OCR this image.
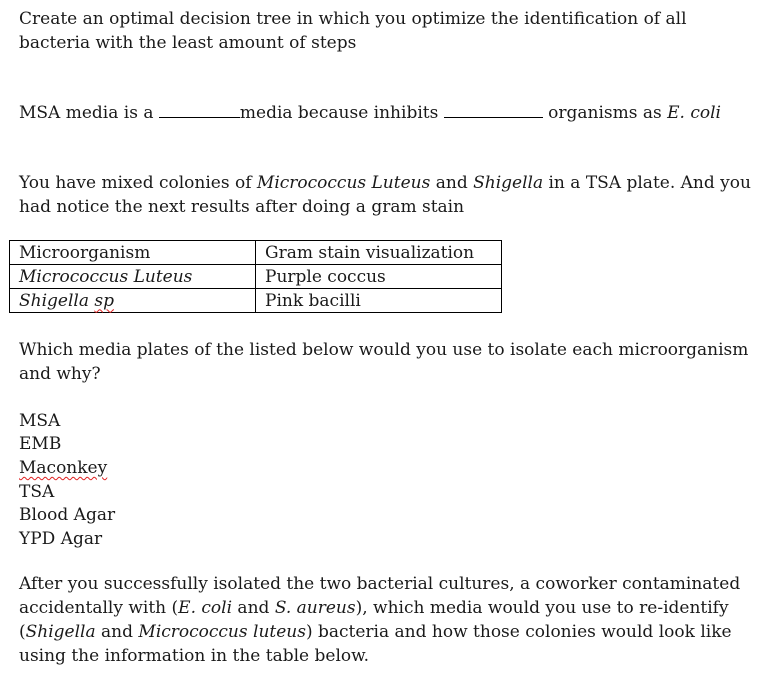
Create an optimal decision tree in which you optimize the identification of all

bacteria with the least amount of steps

MSA media is a	media because inhibits	organisms as E. coli

You have mixed colonies of Micrococcus Luteus and Shigella in a TSA plate. And you

had notice the next results after doing a gram stain

Microorganism	Gram stain visualization
Micrococcus Luteus	Purple coccus
Shigella sp	Pink bacilli

Which media plates of the listed below would you use to isolate each microorganism

and why?

MSA

EMB

Maconkey

TSA

Blood Agar

YPD Agar

After you successfully isolated the two bacterial cultures, a coworker contaminated

accidentally with (E. coli and S. aureus), which media would you use to re-identify

(Shigella and Micrococcus luteus) bacteria and how those colonies would look like

using the information in the table below.
